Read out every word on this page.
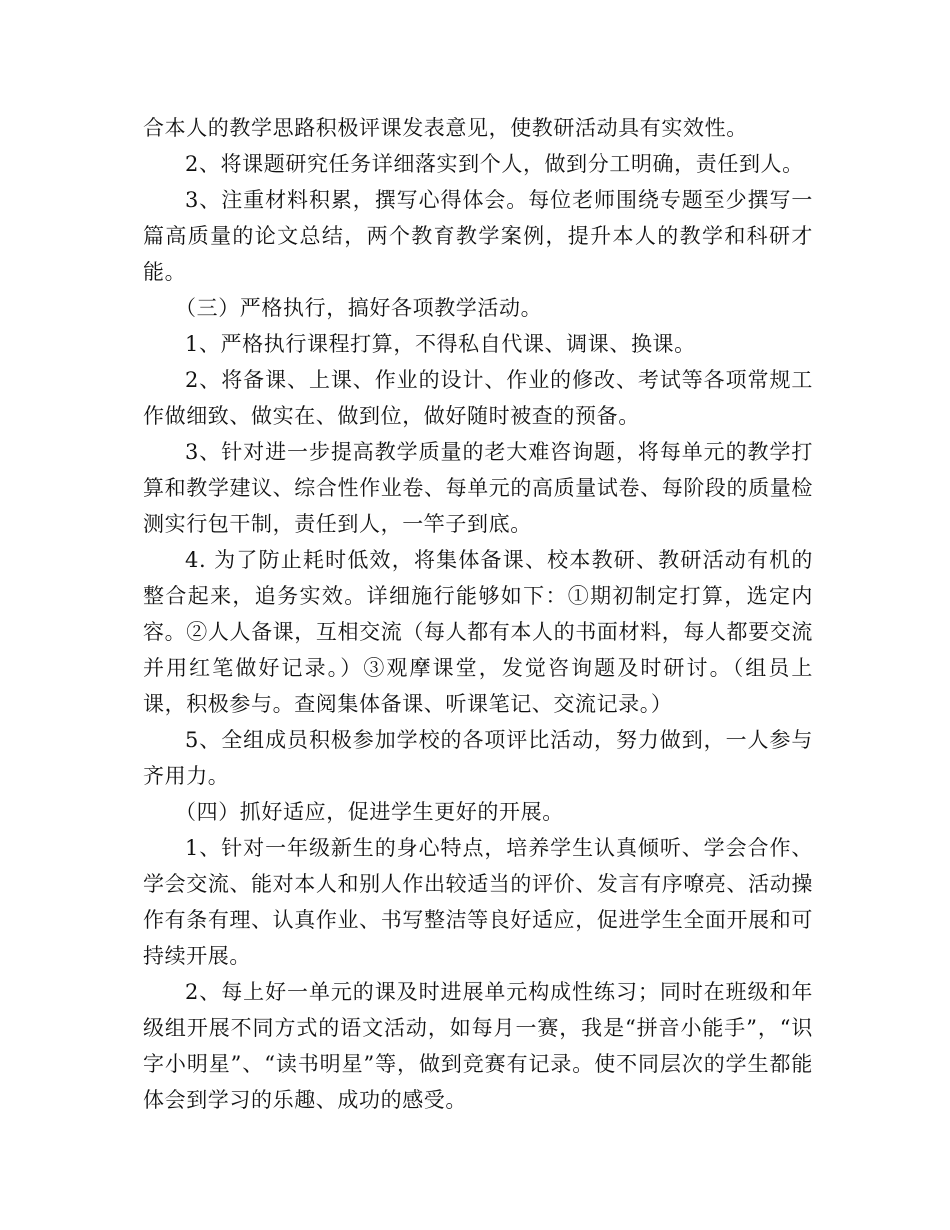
合本人的教学思路积极评课发表意见，使教研活动具有实效性。

2、将课题研究任务详细落实到个人，做到分工明确，责任到人。

3、注重材料积累，撰写心得体会。每位老师围绕专题至少撰写一篇高质量的论文总结，两个教育教学案例，提升本人的教学和科研才能。

（三）严格执行，搞好各项教学活动。

1、严格执行课程打算，不得私自代课、调课、换课。

2、将备课、上课、作业的设计、作业的修改、考试等各项常规工作做细致、做实在、做到位，做好随时被查的预备。

3、针对进一步提高教学质量的老大难咨询题，将每单元的教学打算和教学建议、综合性作业卷、每单元的高质量试卷、每阶段的质量检测实行包干制，责任到人，一竿子到底。

4. 为了防止耗时低效，将集体备课、校本教研、教研活动有机的整合起来，追务实效。详细施行能够如下：①期初制定打算，选定内容。②人人备课，互相交流（每人都有本人的书面材料，每人都要交流并用红笔做好记录。）③观摩课堂，发觉咨询题及时研讨。（组员上课，积极参与。查阅集体备课、听课笔记、交流记录。）

5、全组成员积极参加学校的各项评比活动，努力做到，一人参与齐用力。

（四）抓好适应，促进学生更好的开展。

1、针对一年级新生的身心特点，培养学生认真倾听、学会合作、学会交流、能对本人和别人作出较适当的评价、发言有序嘹亮、活动操作有条有理、认真作业、书写整洁等良好适应，促进学生全面开展和可持续开展。

2、每上好一单元的课及时进展单元构成性练习；同时在班级和年级组开展不同方式的语文活动，如每月一赛，我是“拼音小能手”，“识字小明星”、“读书明星”等，做到竞赛有记录。使不同层次的学生都能体会到学习的乐趣、成功的感受。
